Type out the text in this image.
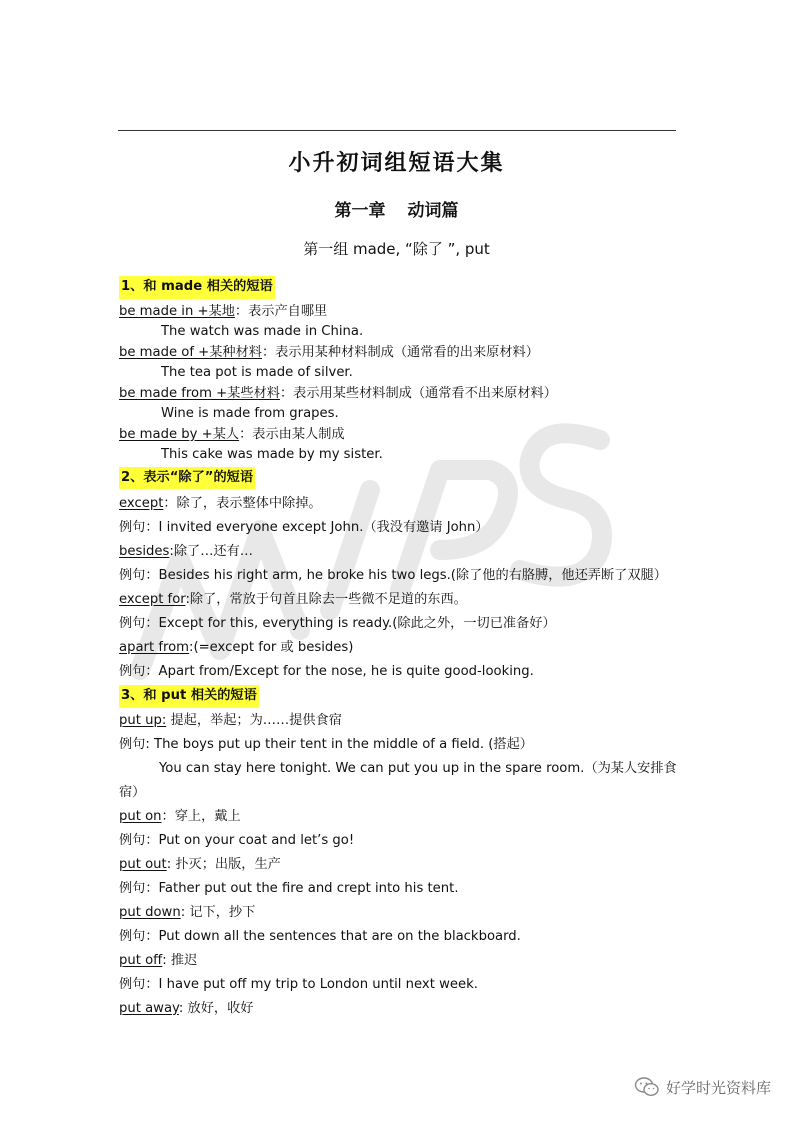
小升初词组短语大集
第一章 动词篇
第一组 made, “除了 ”, put
1、和 made 相关的短语
be made in +某地：表示产自哪里
The watch was made in China.
be made of +某种材料：表示用某种材料制成（通常看的出来原材料）
The tea pot is made of silver.
be made from +某些材料：表示用某些材料制成（通常看不出来原材料）
Wine is made from grapes.
be made by +某人：表示由某人制成
This cake was made by my sister.
2、表示“除了”的短语
except：除了，表示整体中除掉。
例句：I invited everyone except John.（我没有邀请 John）
besides:除了…还有…
例句：Besides his right arm, he broke his two legs.(除了他的右胳膊，他还弄断了双腿）
except for:除了，常放于句首且除去一些微不足道的东西。
例句：Except for this, everything is ready.(除此之外，一切已准备好）
apart from:(=except for 或 besides)
例句：Apart from/Except for the nose, he is quite good-looking.
3、和 put 相关的短语
put up: 提起，举起；为……提供食宿
例句: The boys put up their tent in the middle of a field. (搭起）
You can stay here tonight. We can put you up in the spare room.（为某人安排食
宿）
put on：穿上，戴上
例句：Put on your coat and let’s go!
put out: 扑灭；出版，生产
例句：Father put out the fire and crept into his tent.
put down: 记下，抄下
例句：Put down all the sentences that are on the blackboard.
put off: 推迟
例句：I have put off my trip to London until next week.
put away: 放好，收好
好学时光资料库
